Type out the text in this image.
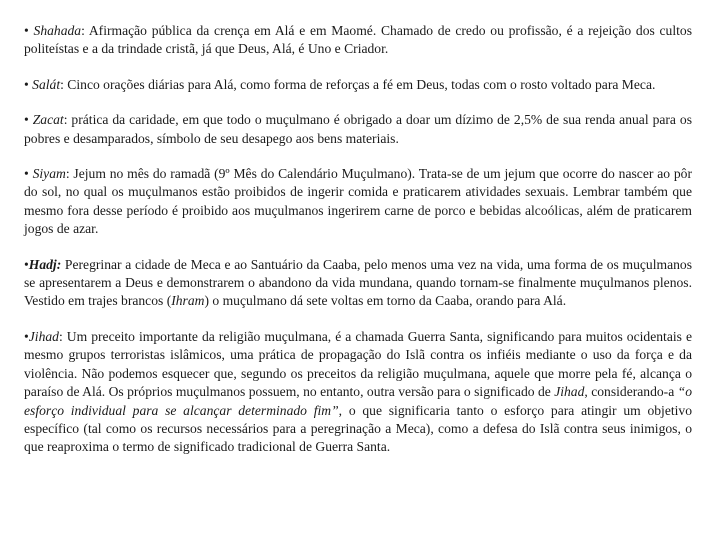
• Shahada: Afirmação pública da crença em Alá e em Maomé. Chamado de credo ou profissão, é a rejeição dos cultos politeístas e a da trindade cristã, já que Deus, Alá, é Uno e Criador.

• Salát: Cinco orações diárias para Alá, como forma de reforças a fé em Deus, todas com o rosto voltado para Meca.

• Zacat: prática da caridade, em que todo o muçulmano é obrigado a doar um dízimo de 2,5% de sua renda anual para os pobres e desamparados, símbolo de seu desapego aos bens materiais.

• Siyam: Jejum no mês do ramadã (9º Mês do Calendário Muçulmano). Trata-se de um jejum que ocorre do nascer ao pôr do sol, no qual os muçulmanos estão proibidos de ingerir comida e praticarem atividades sexuais. Lembrar também que mesmo fora desse período é proibido aos muçulmanos ingerirem carne de porco e bebidas alcoólicas, além de praticarem jogos de azar.

•Hadj: Peregrinar a cidade de Meca e ao Santuário da Caaba, pelo menos uma vez na vida, uma forma de os muçulmanos se apresentarem a Deus e demonstrarem o abandono da vida mundana, quando tornam-se finalmente muçulmanos plenos. Vestido em trajes brancos (Ihram) o muçulmano dá sete voltas em torno da Caaba, orando para Alá.

•Jihad: Um preceito importante da religião muçulmana, é a chamada Guerra Santa, significando para muitos ocidentais e mesmo grupos terroristas islâmicos, uma prática de propagação do Islã contra os infiéis mediante o uso da força e da violência. Não podemos esquecer que, segundo os preceitos da religião muçulmana, aquele que morre pela fé, alcança o paraíso de Alá. Os próprios muçulmanos possuem, no entanto, outra versão para o significado de Jihad, considerando-a “o esforço individual para se alcançar determinado fim”, o que significaria tanto o esforço para atingir um objetivo específico (tal como os recursos necessários para a peregrinação a Meca), como a defesa do Islã contra seus inimigos, o que reaproxima o termo de significado tradicional de Guerra Santa.
